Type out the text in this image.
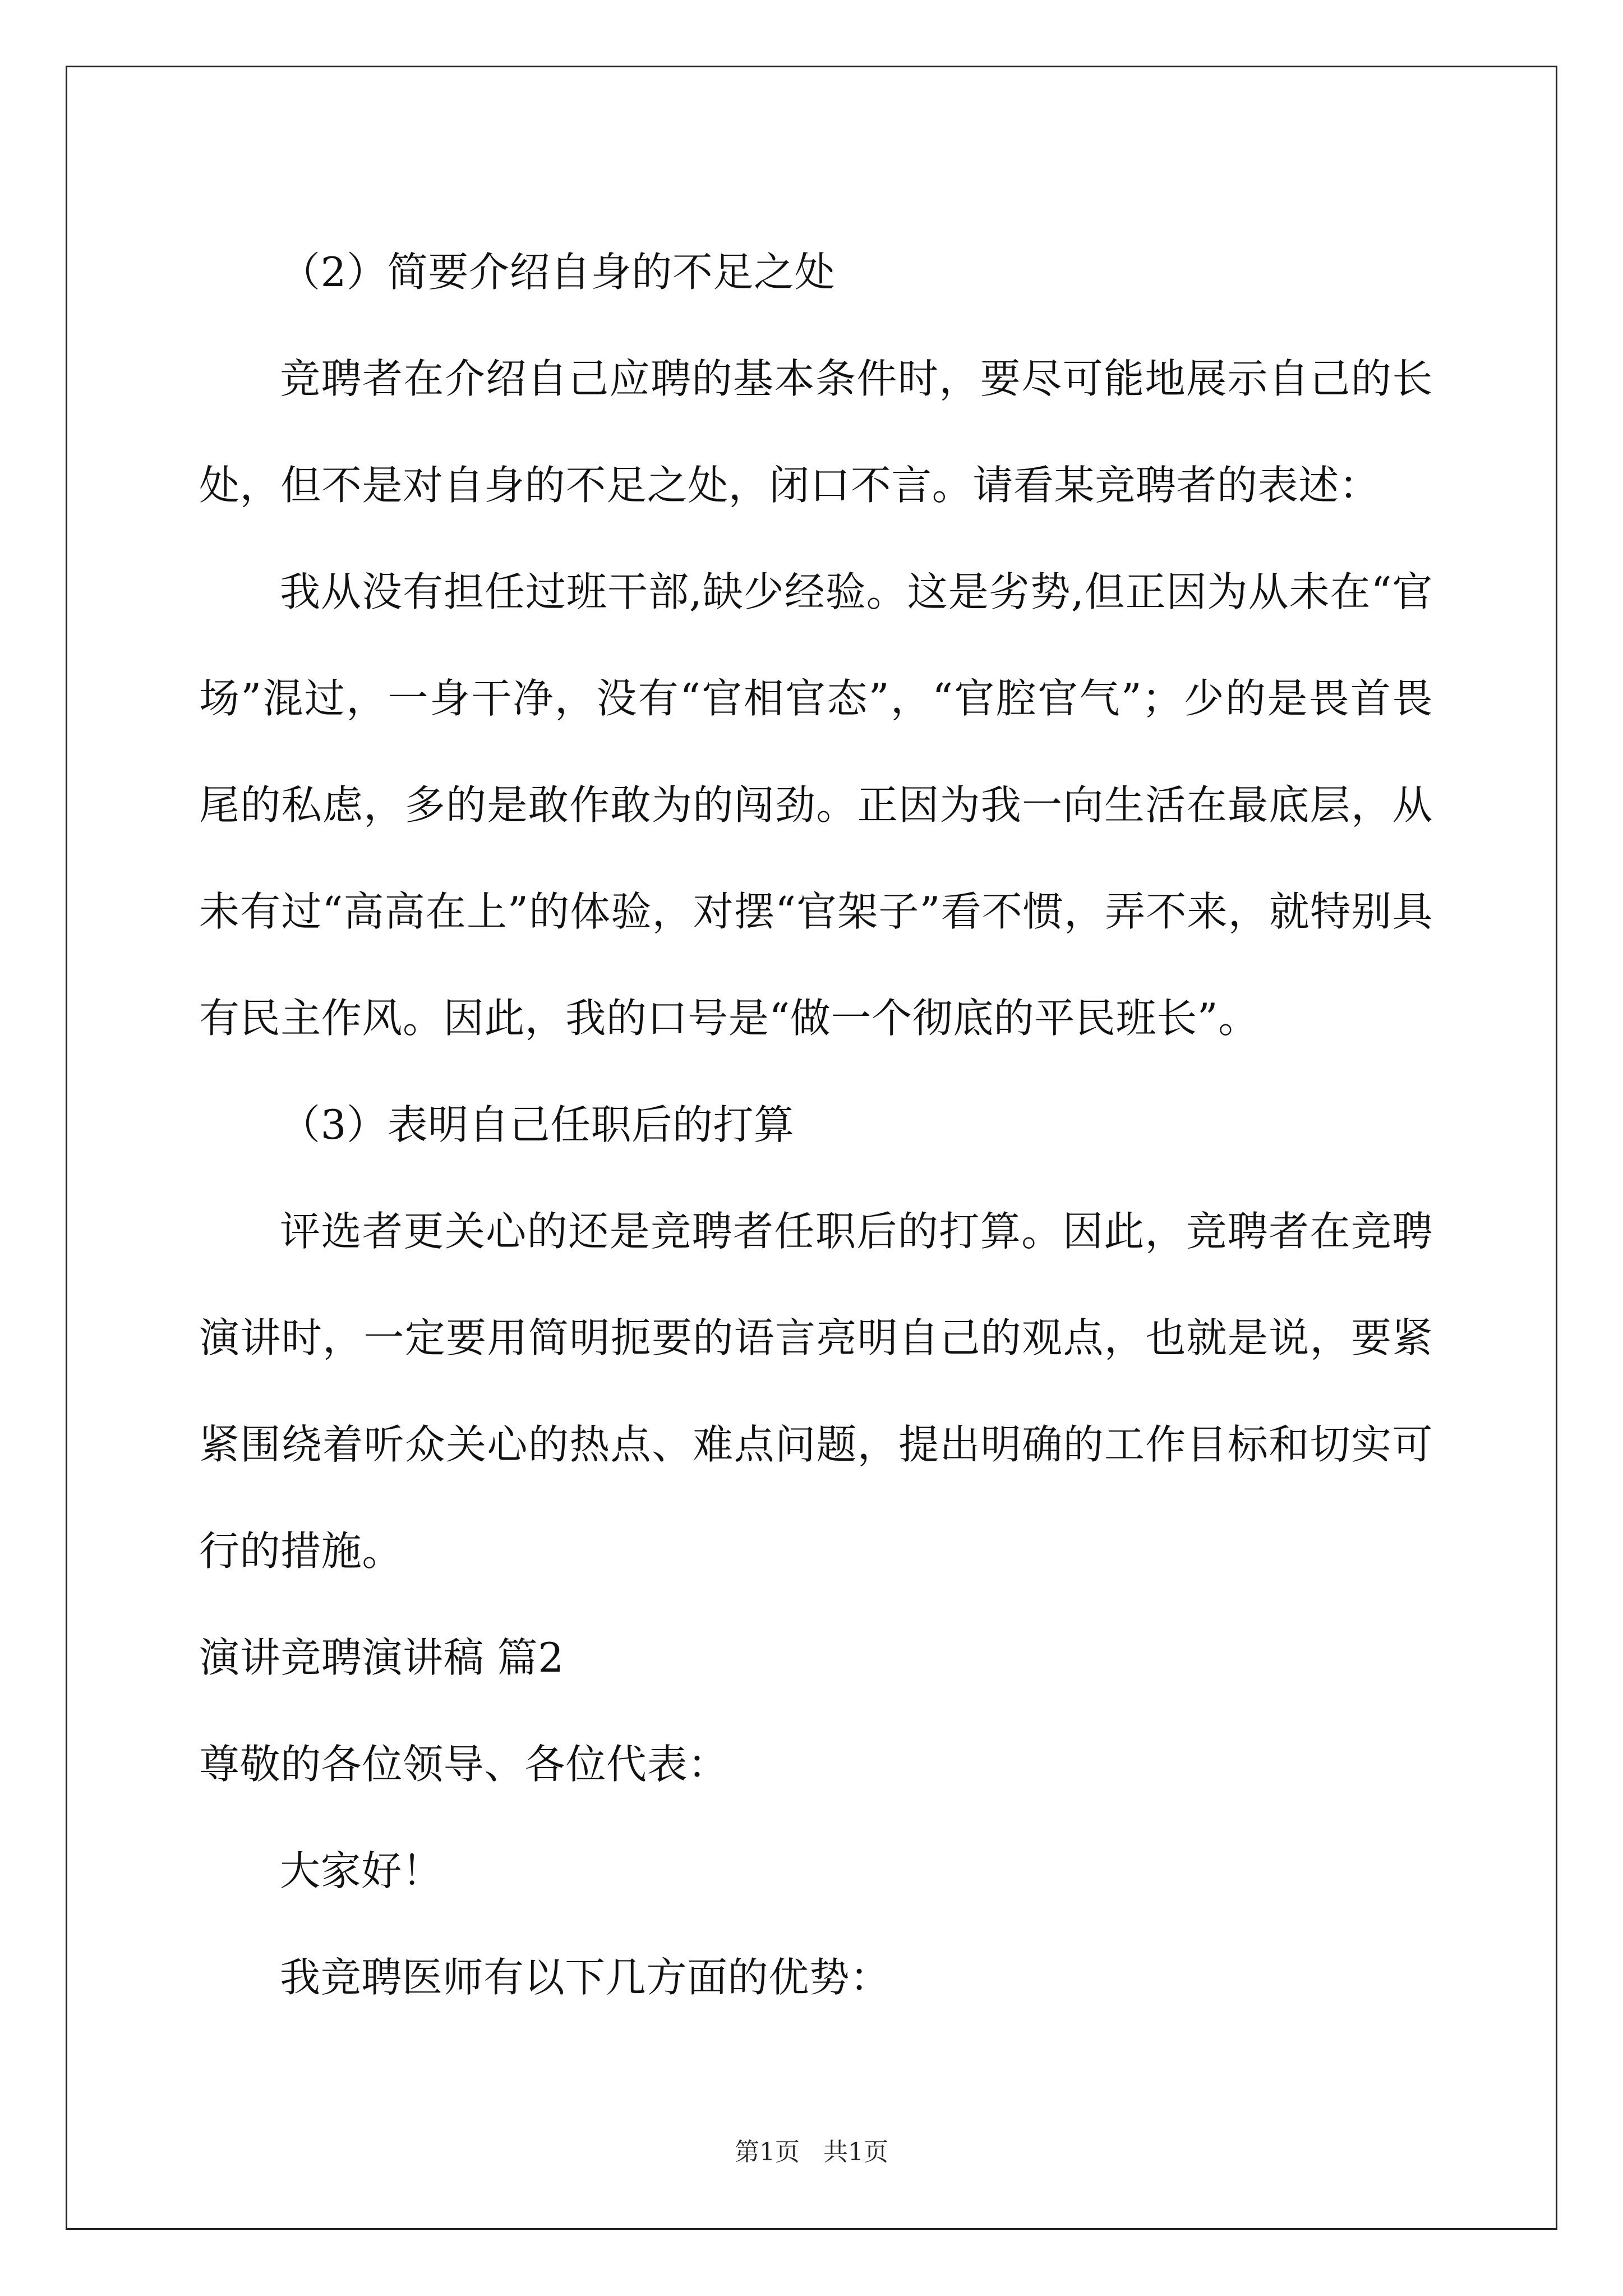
（2）简要介绍自身的不足之处

竞聘者在介绍自己应聘的基本条件时，要尽可能地展示自己的长处，但不是对自身的不足之处，闭口不言。请看某竞聘者的表述：

我从没有担任过班干部,缺少经验。这是劣势,但正因为从未在“官场”混过，一身干净，没有“官相官态”，“官腔官气”；少的是畏首畏尾的私虑，多的是敢作敢为的闯劲。正因为我一向生活在最底层，从未有过“高高在上”的体验，对摆“官架子”看不惯，弄不来，就特别具有民主作风。因此，我的口号是“做一个彻底的平民班长”。

（3）表明自己任职后的打算

评选者更关心的还是竞聘者任职后的打算。因此，竞聘者在竞聘演讲时，一定要用简明扼要的语言亮明自己的观点，也就是说，要紧紧围绕着听众关心的热点、难点问题，提出明确的工作目标和切实可行的措施。

演讲竞聘演讲稿 篇2

尊敬的各位领导、各位代表：

大家好！

我竞聘医师有以下几方面的优势：

第1页 共1页
